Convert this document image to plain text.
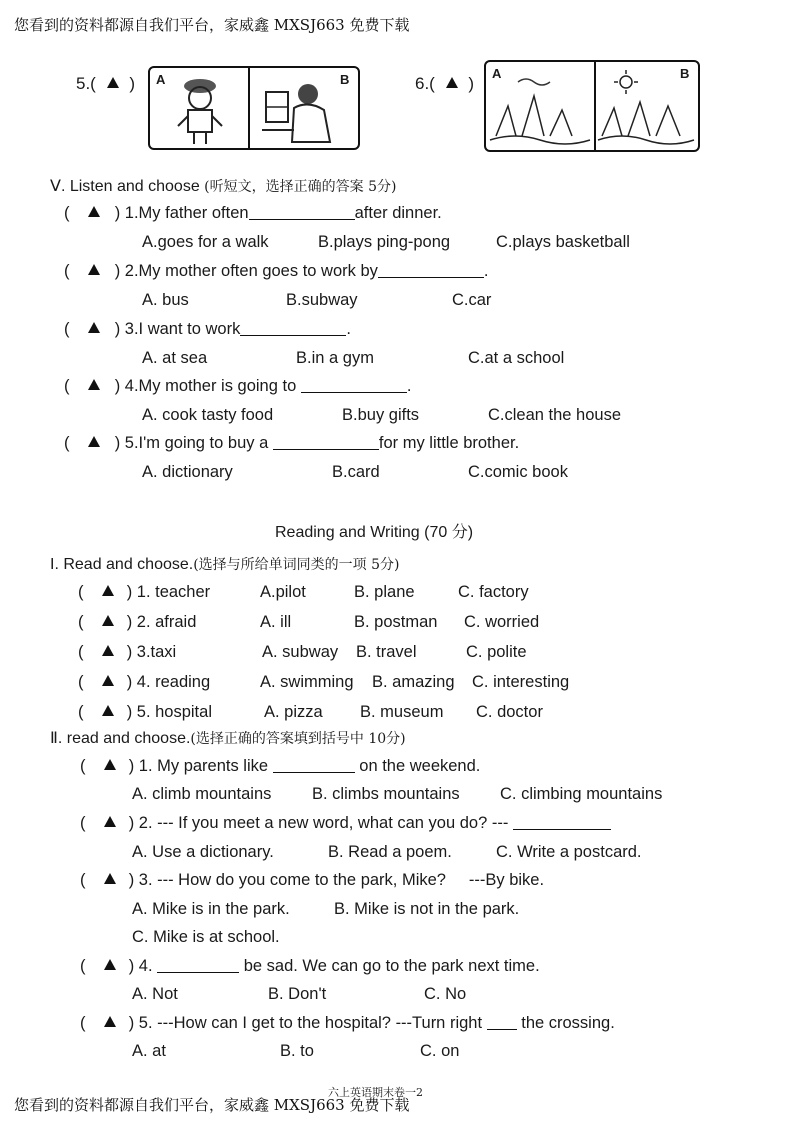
您看到的资料都源自我们平台，家威鑫 MXSJ663 免费下载
5.( ) A	B	6.( )
A	B
Ⅴ. Listen and choose (听短文，选择正确的答案 5分)
(	) 1.My father often	after dinner.
A.goes for a walk	B.plays ping-pong	C.plays basketball
(	) 2.My mother often goes to work by	.
A. bus	B.subway	C.car
(	) 3.I want to work	.
A. at sea	B.in a gym	C.at a school
(	) 4.My mother is going to	.
A. cook tasty food	B.buy gifts	C.clean the house
(	) 5.I'm going to buy a	for my little brother.
A. dictionary	B.card	C.comic book
Reading and Writing (70 分)
I. Read and choose.(选择与所给单词同类的一项 5分)
(	) 1. teacher	A.pilot	B. plane	C. factory
(	) 2. afraid	A. ill	B. postman C. worried
(	) 3.taxi	A. subway B. travel	C. polite
(	) 4. reading	A. swimming B. amazing C. interesting
(	) 5. hospital	A. pizza B. museum C. doctor
Ⅱ. read and choose.(选择正确的答案填到括号中 10分)
(	) 1. My parents like	on the weekend.
A. climb mountains B. climbs mountains C. climbing mountains
(	) 2. --- If you meet a new word, what can you do? ---
A. Use a dictionary.	B. Read a poem.	C. Write a postcard.
(	) 3. --- How do you come to the park, Mike?     ---By bike.
A. Mike is in the park.	B. Mike is not in the park.
C. Mike is at school.
(	) 4.	be sad. We can go to the park next time.
A. Not	B. Don't	C. No
(	) 5. ---How can I get to the hospital? ---Turn right the crossing.
A. at	B. to	C. on
六上英语期末卷一2
您看到的资料都源自我们平台，家威鑫 MXSJ663 免费下载
